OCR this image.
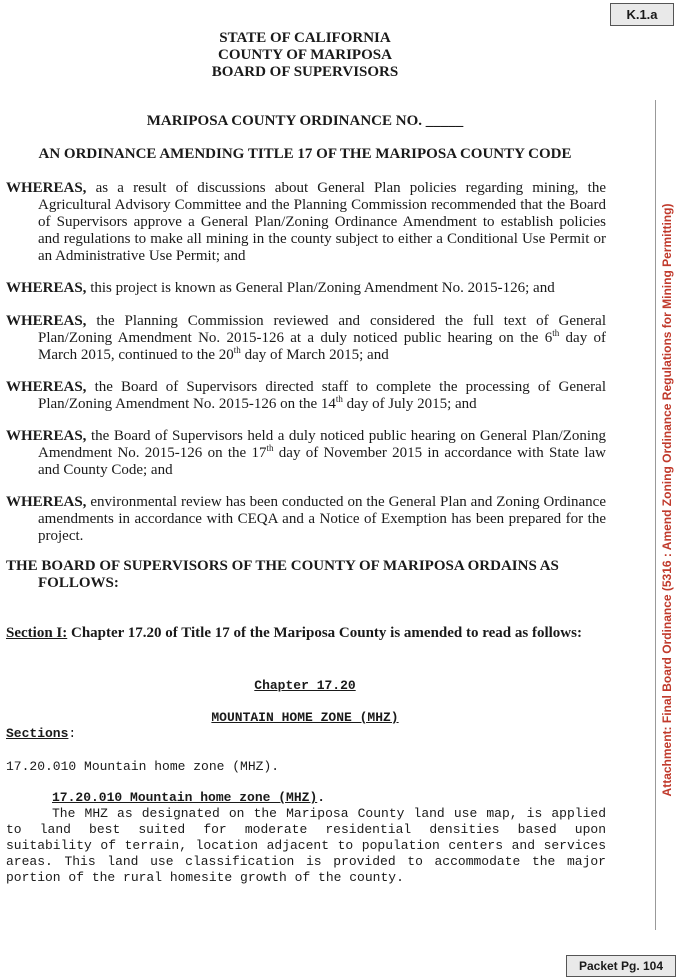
K.1.a
Attachment: Final Board Ordinance (5316 : Amend Zoning Ordinance Regulations for Mining Permitting)
Packet Pg. 104
STATE OF CALIFORNIA
COUNTY OF MARIPOSA
BOARD OF SUPERVISORS
MARIPOSA COUNTY ORDINANCE NO. _____
AN ORDINANCE AMENDING TITLE 17 OF THE MARIPOSA COUNTY CODE
WHEREAS, as a result of discussions about General Plan policies regarding mining, the Agricultural Advisory Committee and the Planning Commission recommended that the Board of Supervisors approve a General Plan/Zoning Ordinance Amendment to establish policies and regulations to make all mining in the county subject to either a Conditional Use Permit or an Administrative Use Permit; and
WHEREAS, this project is known as General Plan/Zoning Amendment No. 2015-126; and
WHEREAS, the Planning Commission reviewed and considered the full text of General Plan/Zoning Amendment No. 2015-126 at a duly noticed public hearing on the 6th day of March 2015, continued to the 20th day of March 2015; and
WHEREAS, the Board of Supervisors directed staff to complete the processing of General Plan/Zoning Amendment No. 2015-126 on the 14th day of July 2015; and
WHEREAS, the Board of Supervisors held a duly noticed public hearing on General Plan/Zoning Amendment No. 2015-126 on the 17th day of November 2015 in accordance with State law and County Code; and
WHEREAS, environmental review has been conducted on the General Plan and Zoning Ordinance amendments in accordance with CEQA and a Notice of Exemption has been prepared for the project.
THE BOARD OF SUPERVISORS OF THE COUNTY OF MARIPOSA ORDAINS AS FOLLOWS:
Section I: Chapter 17.20 of Title 17 of the Mariposa County is amended to read as follows:
Chapter 17.20
MOUNTAIN HOME ZONE (MHZ)
Sections:
17.20.010 Mountain home zone (MHZ).
17.20.010 Mountain home zone (MHZ).
The MHZ as designated on the Mariposa County land use map, is applied to land best suited for moderate residential densities based upon suitability of terrain, location adjacent to population centers and services areas. This land use classification is provided to accommodate the major portion of the rural homesite growth of the county.
